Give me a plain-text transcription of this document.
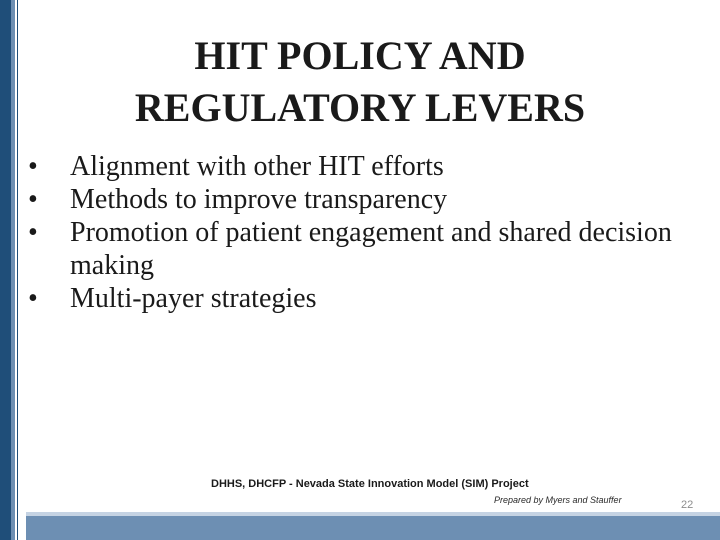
HIT POLICY AND
REGULATORY LEVERS
•	Alignment with other HIT efforts
•	Methods to improve transparency
•	Promotion of patient engagement and shared decision making
•	Multi-payer strategies
DHHS, DHCFP - Nevada State Innovation Model (SIM) Project
Prepared by Myers and Stauffer	22
